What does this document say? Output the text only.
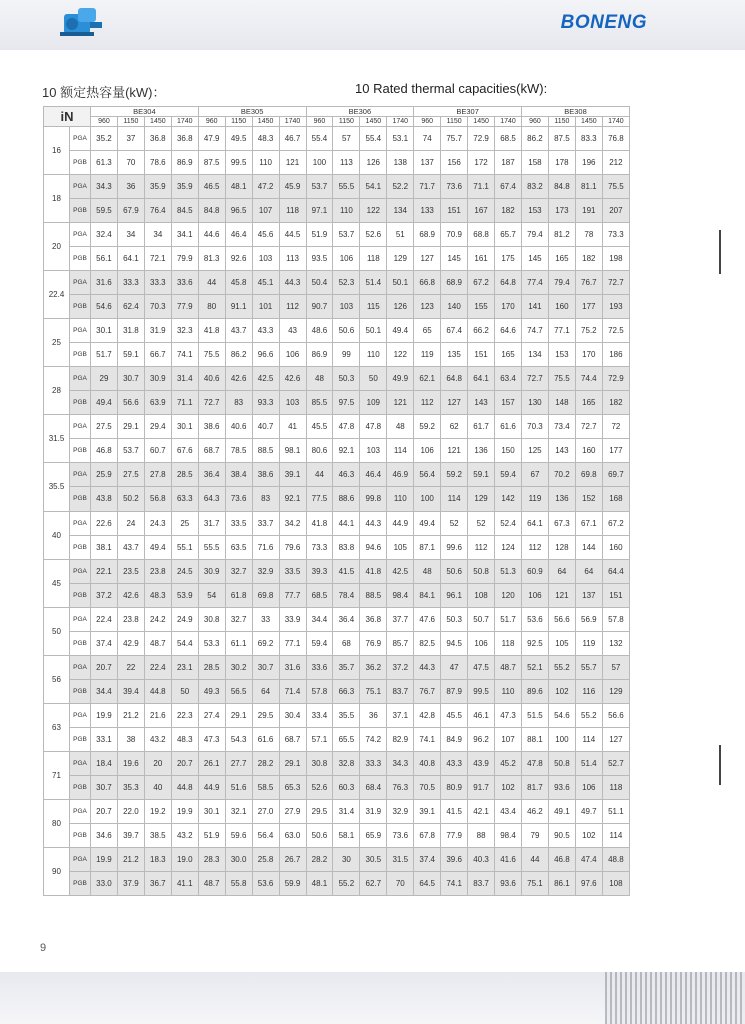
BONENG
10 额定热容量(kW)：	10 Rated thermal capacities(kW):
iN		BE304				BE305				BE306				BE307				BE308			
		960	1150	1450	1740	960	1150	1450	1740	960	1150	1450	1740	960	1150	1450	1740	960	1150	1450	1740
16	PGA	35.2	37	36.8	36.8	47.9	49.5	48.3	46.7	55.4	57	55.4	53.1	74	75.7	72.9	68.5	86.2	87.5	83.3	76.8
	PGB	61.3	70	78.6	86.9	87.5	99.5	110	121	100	113	126	138	137	156	172	187	158	178	196	212
18	PGA	34.3	36	35.9	35.9	46.5	48.1	47.2	45.9	53.7	55.5	54.1	52.2	71.7	73.6	71.1	67.4	83.2	84.8	81.1	75.5
	PGB	59.5	67.9	76.4	84.5	84.8	96.5	107	118	97.1	110	122	134	133	151	167	182	153	173	191	207
20	PGA	32.4	34	34	34.1	44.6	46.4	45.6	44.5	51.9	53.7	52.6	51	68.9	70.9	68.8	65.7	79.4	81.2	78	73.3
	PGB	56.1	64.1	72.1	79.9	81.3	92.6	103	113	93.5	106	118	129	127	145	161	175	145	165	182	198
22.4	PGA	31.6	33.3	33.3	33.6	44	45.8	45.1	44.3	50.4	52.3	51.4	50.1	66.8	68.9	67.2	64.8	77.4	79.4	76.7	72.7
	PGB	54.6	62.4	70.3	77.9	80	91.1	101	112	90.7	103	115	126	123	140	155	170	141	160	177	193
25	PGA	30.1	31.8	31.9	32.3	41.8	43.7	43.3	43	48.6	50.6	50.1	49.4	65	67.4	66.2	64.6	74.7	77.1	75.2	72.5
	PGB	51.7	59.1	66.7	74.1	75.5	86.2	96.6	106	86.9	99	110	122	119	135	151	165	134	153	170	186
28	PGA	29	30.7	30.9	31.4	40.6	42.6	42.5	42.6	48	50.3	50	49.9	62.1	64.8	64.1	63.4	72.7	75.5	74.4	72.9
	PGB	49.4	56.6	63.9	71.1	72.7	83	93.3	103	85.5	97.5	109	121	112	127	143	157	130	148	165	182
31.5	PGA	27.5	29.1	29.4	30.1	38.6	40.6	40.7	41	45.5	47.8	47.8	48	59.2	62	61.7	61.6	70.3	73.4	72.7	72
	PGB	46.8	53.7	60.7	67.6	68.7	78.5	88.5	98.1	80.6	92.1	103	114	106	121	136	150	125	143	160	177
35.5	PGA	25.9	27.5	27.8	28.5	36.4	38.4	38.6	39.1	44	46.3	46.4	46.9	56.4	59.2	59.1	59.4	67	70.2	69.8	69.7
	PGB	43.8	50.2	56.8	63.3	64.3	73.6	83	92.1	77.5	88.6	99.8	110	100	114	129	142	119	136	152	168
40	PGA	22.6	24	24.3	25	31.7	33.5	33.7	34.2	41.8	44.1	44.3	44.9	49.4	52	52	52.4	64.1	67.3	67.1	67.2
	PGB	38.1	43.7	49.4	55.1	55.5	63.5	71.6	79.6	73.3	83.8	94.6	105	87.1	99.6	112	124	112	128	144	160
45	PGA	22.1	23.5	23.8	24.5	30.9	32.7	32.9	33.5	39.3	41.5	41.8	42.5	48	50.6	50.8	51.3	60.9	64	64	64.4
	PGB	37.2	42.6	48.3	53.9	54	61.8	69.8	77.7	68.5	78.4	88.5	98.4	84.1	96.1	108	120	106	121	137	151
50	PGA	22.4	23.8	24.2	24.9	30.8	32.7	33	33.9	34.4	36.4	36.8	37.7	47.6	50.3	50.7	51.7	53.6	56.6	56.9	57.8
	PGB	37.4	42.9	48.7	54.4	53.3	61.1	69.2	77.1	59.4	68	76.9	85.7	82.5	94.5	106	118	92.5	105	119	132
56	PGA	20.7	22	22.4	23.1	28.5	30.2	30.7	31.6	33.6	35.7	36.2	37.2	44.3	47	47.5	48.7	52.1	55.2	55.7	57
	PGB	34.4	39.4	44.8	50	49.3	56.5	64	71.4	57.8	66.3	75.1	83.7	76.7	87.9	99.5	110	89.6	102	116	129
63	PGA	19.9	21.2	21.6	22.3	27.4	29.1	29.5	30.4	33.4	35.5	36	37.1	42.8	45.5	46.1	47.3	51.5	54.6	55.2	56.6
	PGB	33.1	38	43.2	48.3	47.3	54.3	61.6	68.7	57.1	65.5	74.2	82.9	74.1	84.9	96.2	107	88.1	100	114	127
71	PGA	18.4	19.6	20	20.7	26.1	27.7	28.2	29.1	30.8	32.8	33.3	34.3	40.8	43.3	43.9	45.2	47.8	50.8	51.4	52.7
	PGB	30.7	35.3	40	44.8	44.9	51.6	58.5	65.3	52.6	60.3	68.4	76.3	70.5	80.9	91.7	102	81.7	93.6	106	118
80	PGA	20.7	22.0	19.2	19.9	30.1	32.1	27.0	27.9	29.5	31.4	31.9	32.9	39.1	41.5	42.1	43.4	46.2	49.1	49.7	51.1
	PGB	34.6	39.7	38.5	43.2	51.9	59.6	56.4	63.0	50.6	58.1	65.9	73.6	67.8	77.9	88	98.4	79	90.5	102	114
90	PGA	19.9	21.2	18.3	19.0	28.3	30.0	25.8	26.7	28.2	30	30.5	31.5	37.4	39.6	40.3	41.6	44	46.8	47.4	48.8
	PGB	33.0	37.9	36.7	41.1	48.7	55.8	53.6	59.9	48.1	55.2	62.7	70	64.5	74.1	83.7	93.6	75.1	86.1	97.6	108
9
